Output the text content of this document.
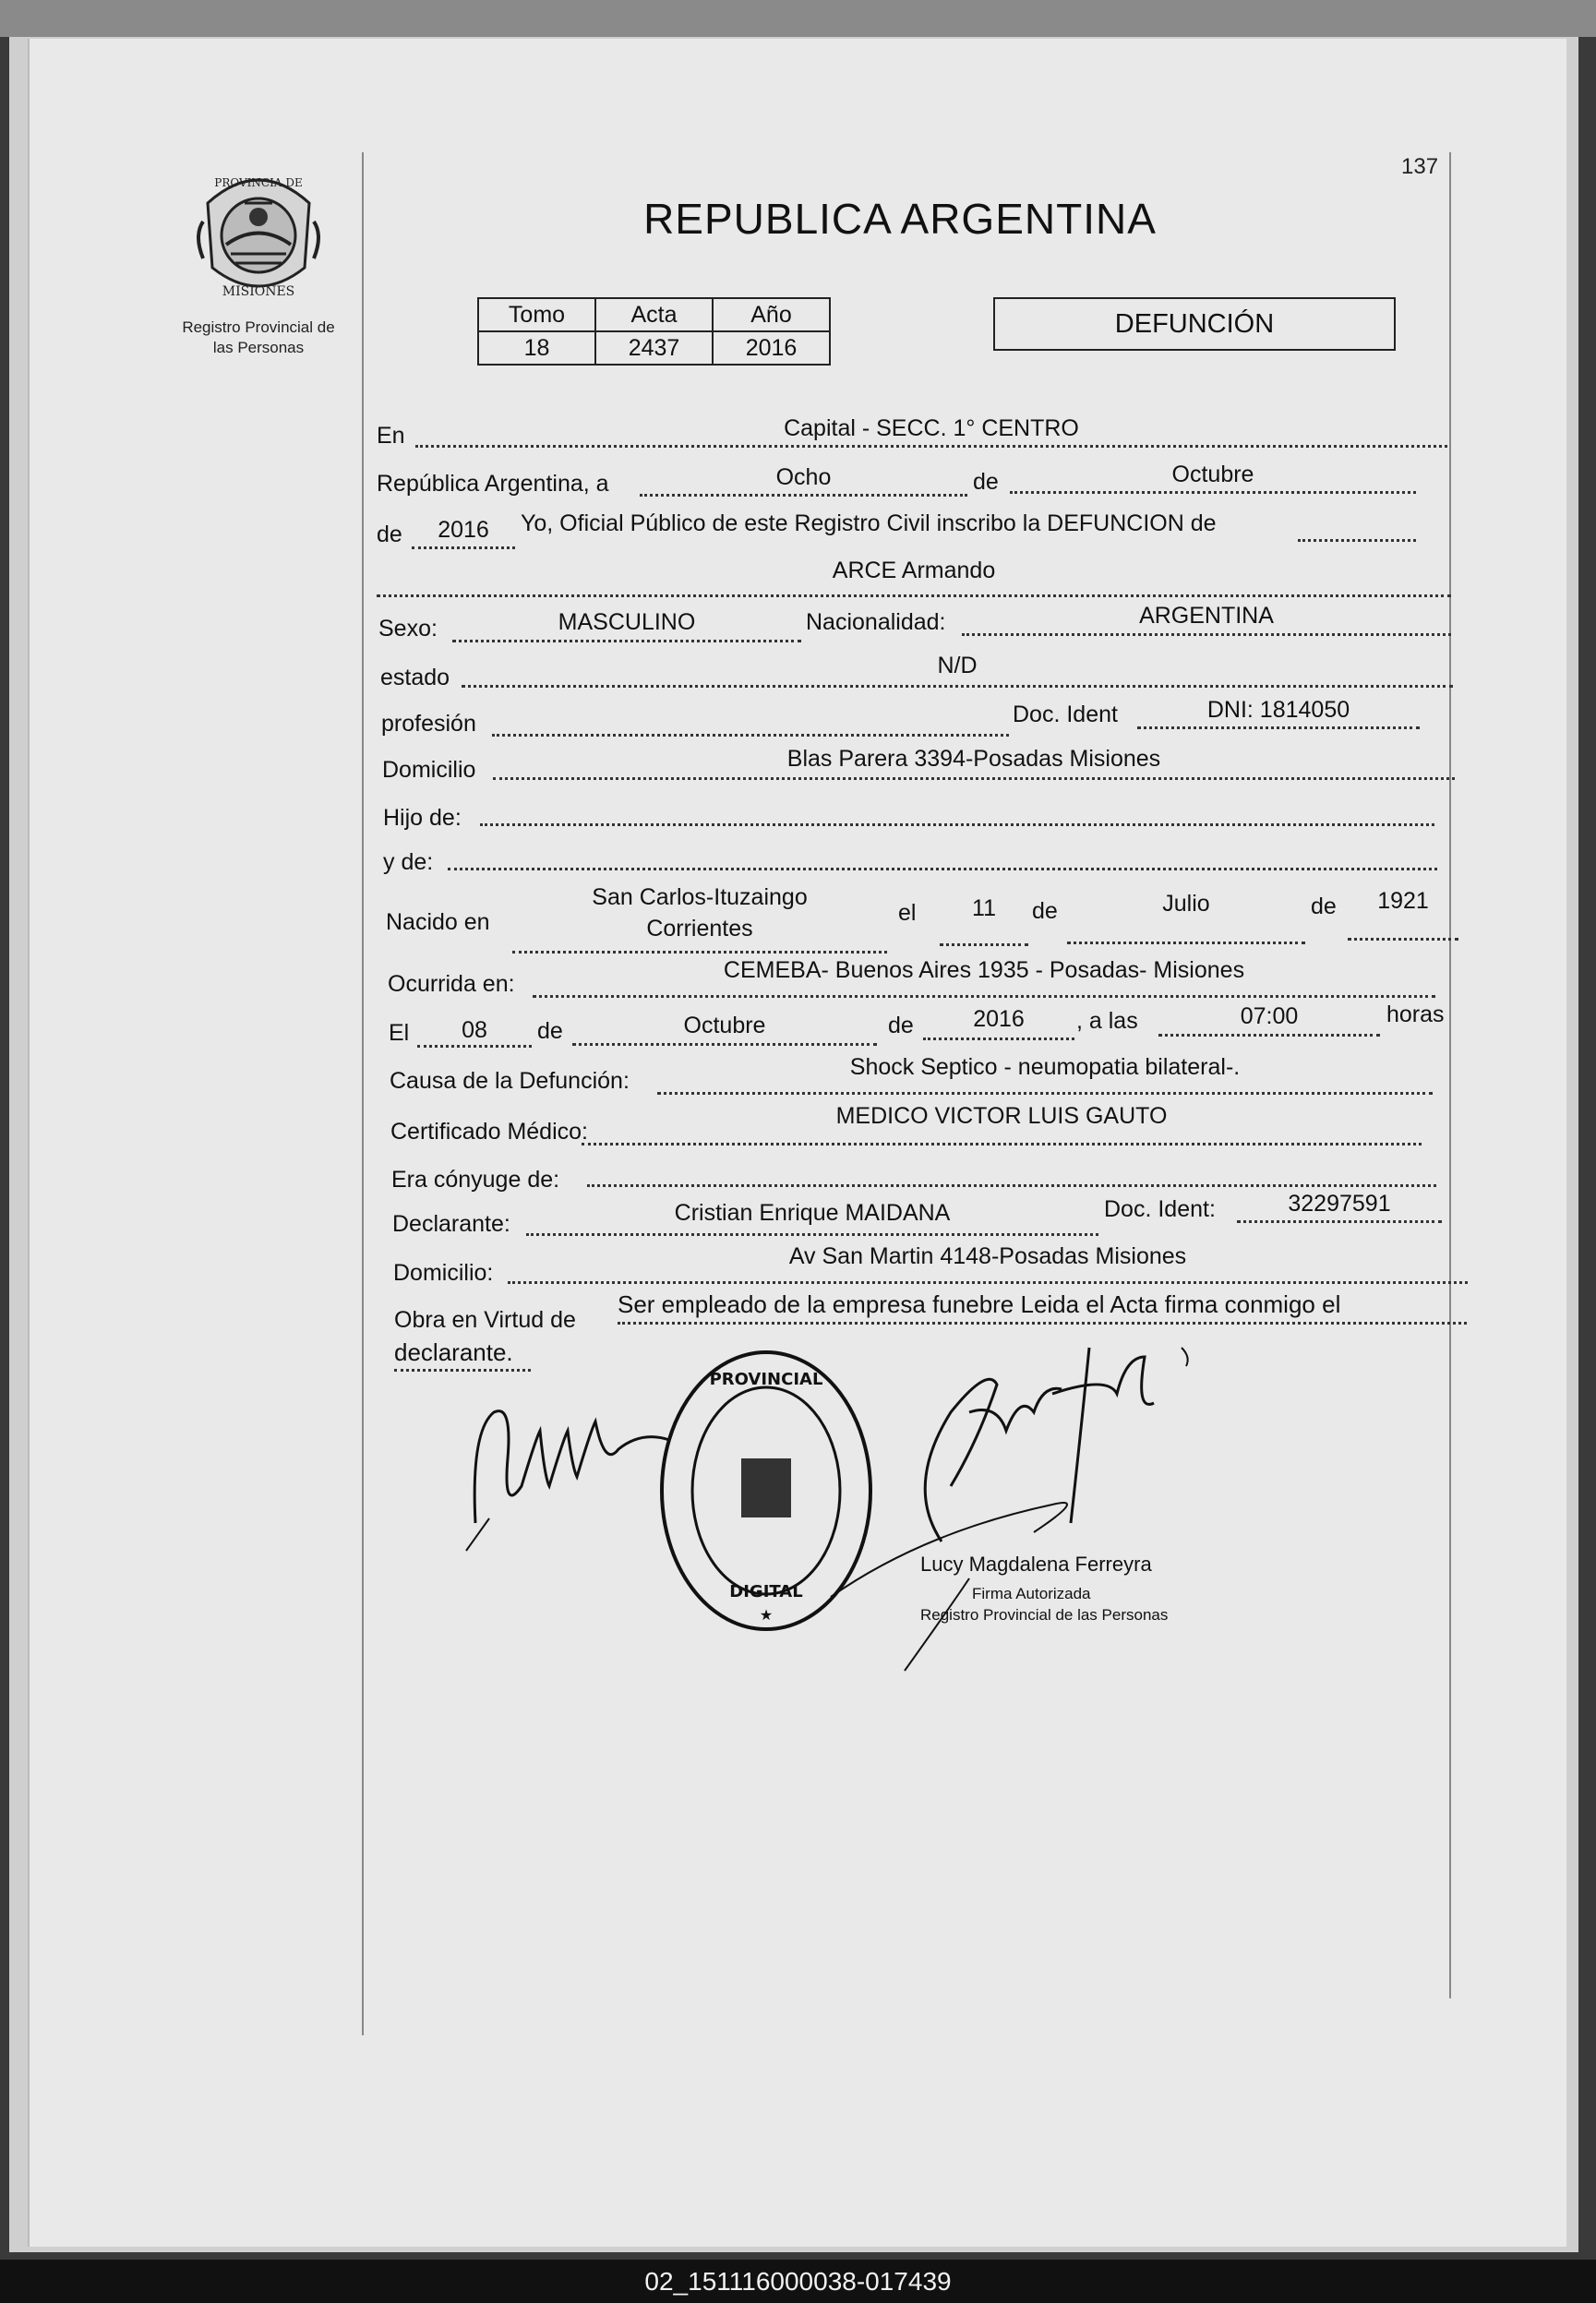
137
PROVINCIA DE
MISIONES
Registro Provincial de
las Personas
REPUBLICA ARGENTINA
Tomo	Acta	Año
18	2437	2016
DEFUNCIÓN
En	Capital - SECC. 1° CENTRO
República Argentina, a	Ocho	de	Octubre
de	2016	Yo, Oficial Público de este Registro Civil inscribo la DEFUNCION de
ARCE Armando
Sexo:	MASCULINO	Nacionalidad:	ARGENTINA
estado	N/D
profesión	Doc. Ident	DNI: 1814050
Domicilio	Blas Parera 3394-Posadas Misiones
Hijo de:
y de:
Nacido en
San Carlos-Ituzaingo
Corrientes
el	11	de	Julio	de	1921
Ocurrida en:
CEMEBA- Buenos Aires 1935 - Posadas- Misiones
El	08	de	Octubre	de	2016	, a las	07:00	horas
Causa de la Defunción:
Shock Septico - neumopatia bilateral-.
Certificado Médico:
MEDICO VICTOR LUIS GAUTO
Era cónyuge de:
Declarante:	Cristian Enrique MAIDANA	Doc. Ident:	32297591
Domicilio:
Av San Martin 4148-Posadas Misiones
Obra en Virtud de
Ser empleado de la empresa funebre Leida el Acta firma conmigo el
declarante.
PROVINCIAL
DIGITAL
★
Lucy Magdalena Ferreyra
Firma Autorizada
Registro Provincial de las Personas
02_151116000038-017439
